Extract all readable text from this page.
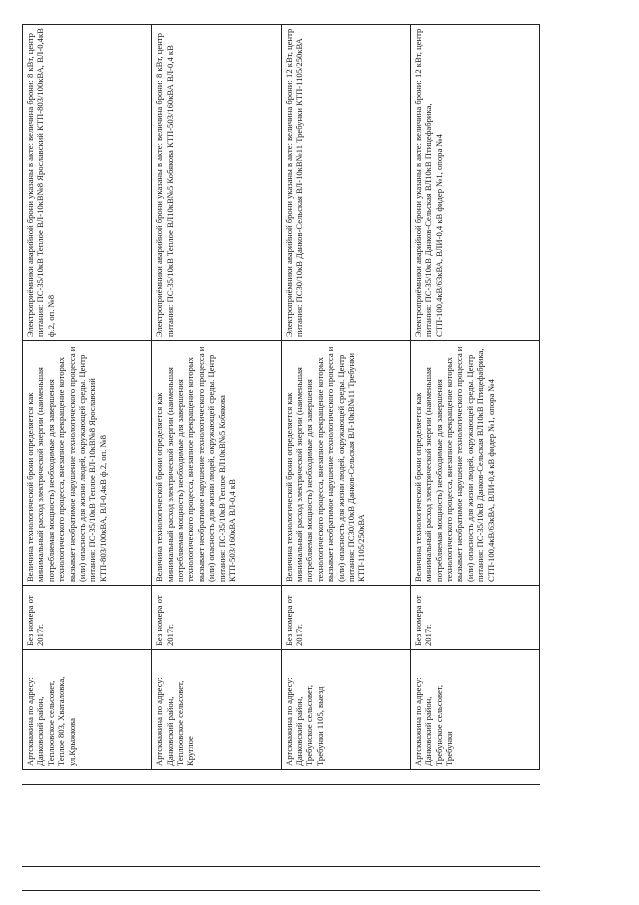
Артскважина по адресу: Данковский район, Теплоовское сельсовет, Теплое 803, Хваталовка, ул.Крыжкова	Без номера от 2017г.	Величина технологической брони определяется как минимальный расход электрической энергии (наименьшая потребляемая мощность) необходимые для завершения технологического процесса, внезапное прекращение которых вызывает необратимое нарушение технологического процесса и (или) опасность для жизни людей, окружающей среды. Центр питания: ПС-35/10кВ Теплое ВЛ-10кВ№8 Ярославский КТП-803/100кВА, ВЛ-0,4кВ ф.2, оп. №8	Электроприёмники аварийной брони указаны в акте: величина брони: 8 кВт, центр питания: ПС-35/10кВ Теплое ВЛ-10кВ№8 Ярославский КТП-803/100кВА, ВЛ-0,4кВ ф.2, оп. №8
Артскважина по адресу: Данковский район, Теплоовское сельсовет, Круглое	Без номера от 2017г.	Величина технологической брони определяется как минимальный расход электрической энергии (наименьшая потребляемая мощность) необходимые для завершения технологического процесса, внезапное прекращение которых вызывает необратимое нарушение технологического процесса и (или) опасность для жизни людей, окружающей среды. Центр питания: ПС-35/10кВ Теплое ВЛ10кВ№5 Кобякова КТП-503/160кВА ВЛ-0,4 кВ	Электроприёмники аварийной брони указаны в акте: величина брони: 8 кВт, центр питания: ПС-35/10кВ Теплое ВЛ10кВ№5 Кобякова КТП-503/160кВА ВЛ-0,4 кВ
Артскважина по адресу: Данковский район, Требунское сельсовет, Требунки 1105, выезд	Без номера от 2017г.	Величина технологической брони определяется как минимальный расход электрической энергии (наименьшая потребляемая мощность) необходимые для завершения технологического процесса, внезапное прекращение которых вызывает необратимое нарушение технологического процесса и (или) опасность для жизни людей, окружающей среды. Центр питания: ПС30/10кВ Данков-Сельская ВЛ-10кВ№11 Требунки КТП-1105/250кВА	Электроприёмники аварийной брони указаны в акте: величина брони: 12 кВт, центр питания: ПС30/10кВ Данков-Сельская ВЛ-10кВ№11 Требунки КТП-1105/250кВА
Артскважина по адресу: Данковский район, Требунское сельсовет, Требунки	Без номера от 2017г.	Величина технологической брони определяется как минимальный расход электрической энергии (наименьшая потребляемая мощность) необходимые для завершения технологического процесса, внезапное прекращение которых вызывает необратимое нарушение технологического процесса и (или) опасность для жизни людей, окружающей среды. Центр питания: ПС-35/10кВ Данков-Сельская ВЛ10кВ Птицефабрика, СТП-100,4кВ/63кВА, ВЛИ-0,4 кВ фидер №1, опора №4	Электроприёмники аварийной брони указаны в акте: величина брони: 12 кВт, центр питания: ПС-35/10кВ Данков-Сельская ВЛ10кВ Птицефабрика, СТП-100,4кВ/63кВА, ВЛИ-0,4 кВ фидер №1, опора №4
